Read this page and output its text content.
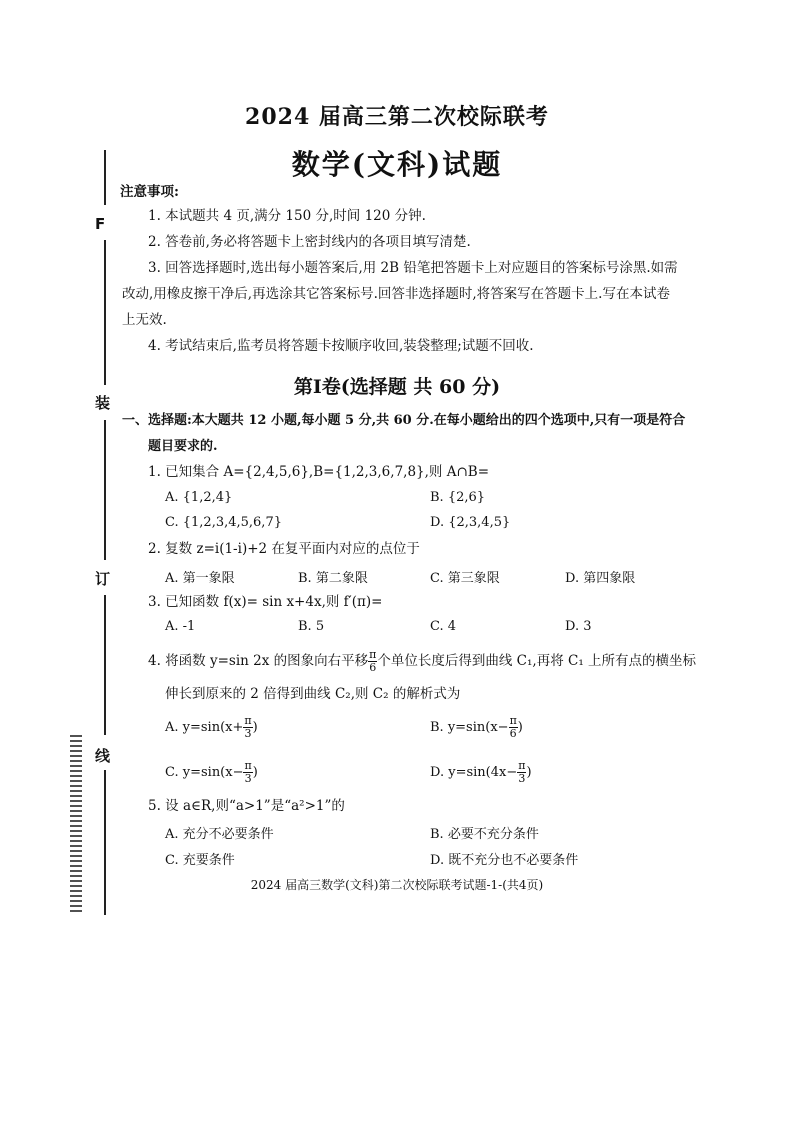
F
装
订
线
2024 届高三第二次校际联考
数学(文科)试题
注意事项:
1. 本试题共 4 页,满分 150 分,时间 120 分钟.
2. 答卷前,务必将答题卡上密封线内的各项目填写清楚.
3. 回答选择题时,选出每小题答案后,用 2B 铅笔把答题卡上对应题目的答案标号涂黑.如需
改动,用橡皮擦干净后,再选涂其它答案标号.回答非选择题时,将答案写在答题卡上.写在本试卷
上无效.
4. 考试结束后,监考员将答题卡按顺序收回,装袋整理;试题不回收.
第Ⅰ卷(选择题 共 60 分)
一、选择题:本大题共 12 小题,每小题 5 分,共 60 分.在每小题给出的四个选项中,只有一项是符合
题目要求的.
1. 已知集合 A={2,4,5,6},B={1,2,3,6,7,8},则 A∩B=
A. {1,2,4}	B. {2,6}
C. {1,2,3,4,5,6,7}	D. {2,3,4,5}
2. 复数 z=i(1-i)+2 在复平面内对应的点位于
A. 第一象限	B. 第二象限	C. 第三象限	D. 第四象限
3. 已知函数 f(x)= sin x+4x,则 f′(π)=
A. -1	B. 5	C. 4	D. 3
4. 将函数 y=sin 2x 的图象向右平移 $\frac{\pi}{6}$ 个单位长度后得到曲线 C₁,再将 C₁ 上所有点的横坐标
伸长到原来的 2 倍得到曲线 C₂,则 C₂ 的解析式为
A. $y=\sin(x+ \frac{\pi}{3}$ )	B. $y=\sin(x- \frac{\pi}{6}$ )
C. $y=\sin(x- \frac{\pi}{3}$ )	D. $y=\sin(4x- \frac{\pi}{3}$ )
5. 设 a∈R,则“a>1”是“a²>1”的
A. 充分不必要条件	B. 必要不充分条件
C. 充要条件	D. 既不充分也不必要条件
2024 届高三数学(文科)第二次校际联考试题-1-(共4页)
